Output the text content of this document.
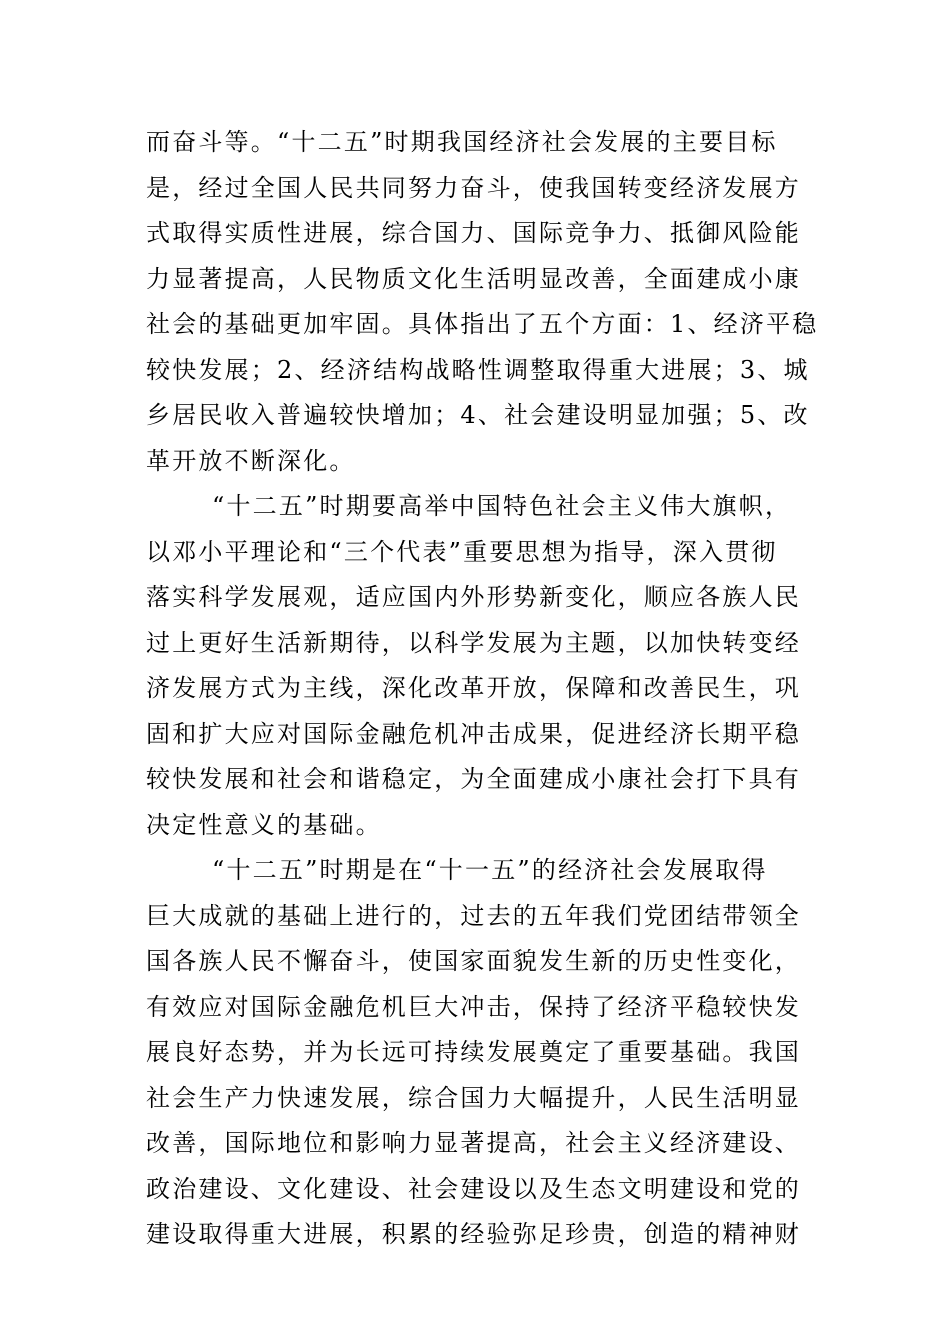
而奋斗等。“十二五”时期我国经济社会发展的主要目标
是，经过全国人民共同努力奋斗，使我国转变经济发展方
式取得实质性进展，综合国力、国际竞争力、抵御风险能
力显著提高，人民物质文化生活明显改善，全面建成小康
社会的基础更加牢固。具体指出了五个方面：1、经济平稳
较快发展；2、经济结构战略性调整取得重大进展；3、城
乡居民收入普遍较快增加；4、社会建设明显加强；5、改
革开放不断深化。
“十二五”时期要高举中国特色社会主义伟大旗帜，
以邓小平理论和“三个代表”重要思想为指导，深入贯彻
落实科学发展观，适应国内外形势新变化，顺应各族人民
过上更好生活新期待，以科学发展为主题，以加快转变经
济发展方式为主线，深化改革开放，保障和改善民生，巩
固和扩大应对国际金融危机冲击成果，促进经济长期平稳
较快发展和社会和谐稳定，为全面建成小康社会打下具有
决定性意义的基础。
“十二五”时期是在“十一五”的经济社会发展取得
巨大成就的基础上进行的，过去的五年我们党团结带领全
国各族人民不懈奋斗，使国家面貌发生新的历史性变化，
有效应对国际金融危机巨大冲击，保持了经济平稳较快发
展良好态势，并为长远可持续发展奠定了重要基础。我国
社会生产力快速发展，综合国力大幅提升，人民生活明显
改善，国际地位和影响力显著提高，社会主义经济建设、
政治建设、文化建设、社会建设以及生态文明建设和党的
建设取得重大进展，积累的经验弥足珍贵，创造的精神财
